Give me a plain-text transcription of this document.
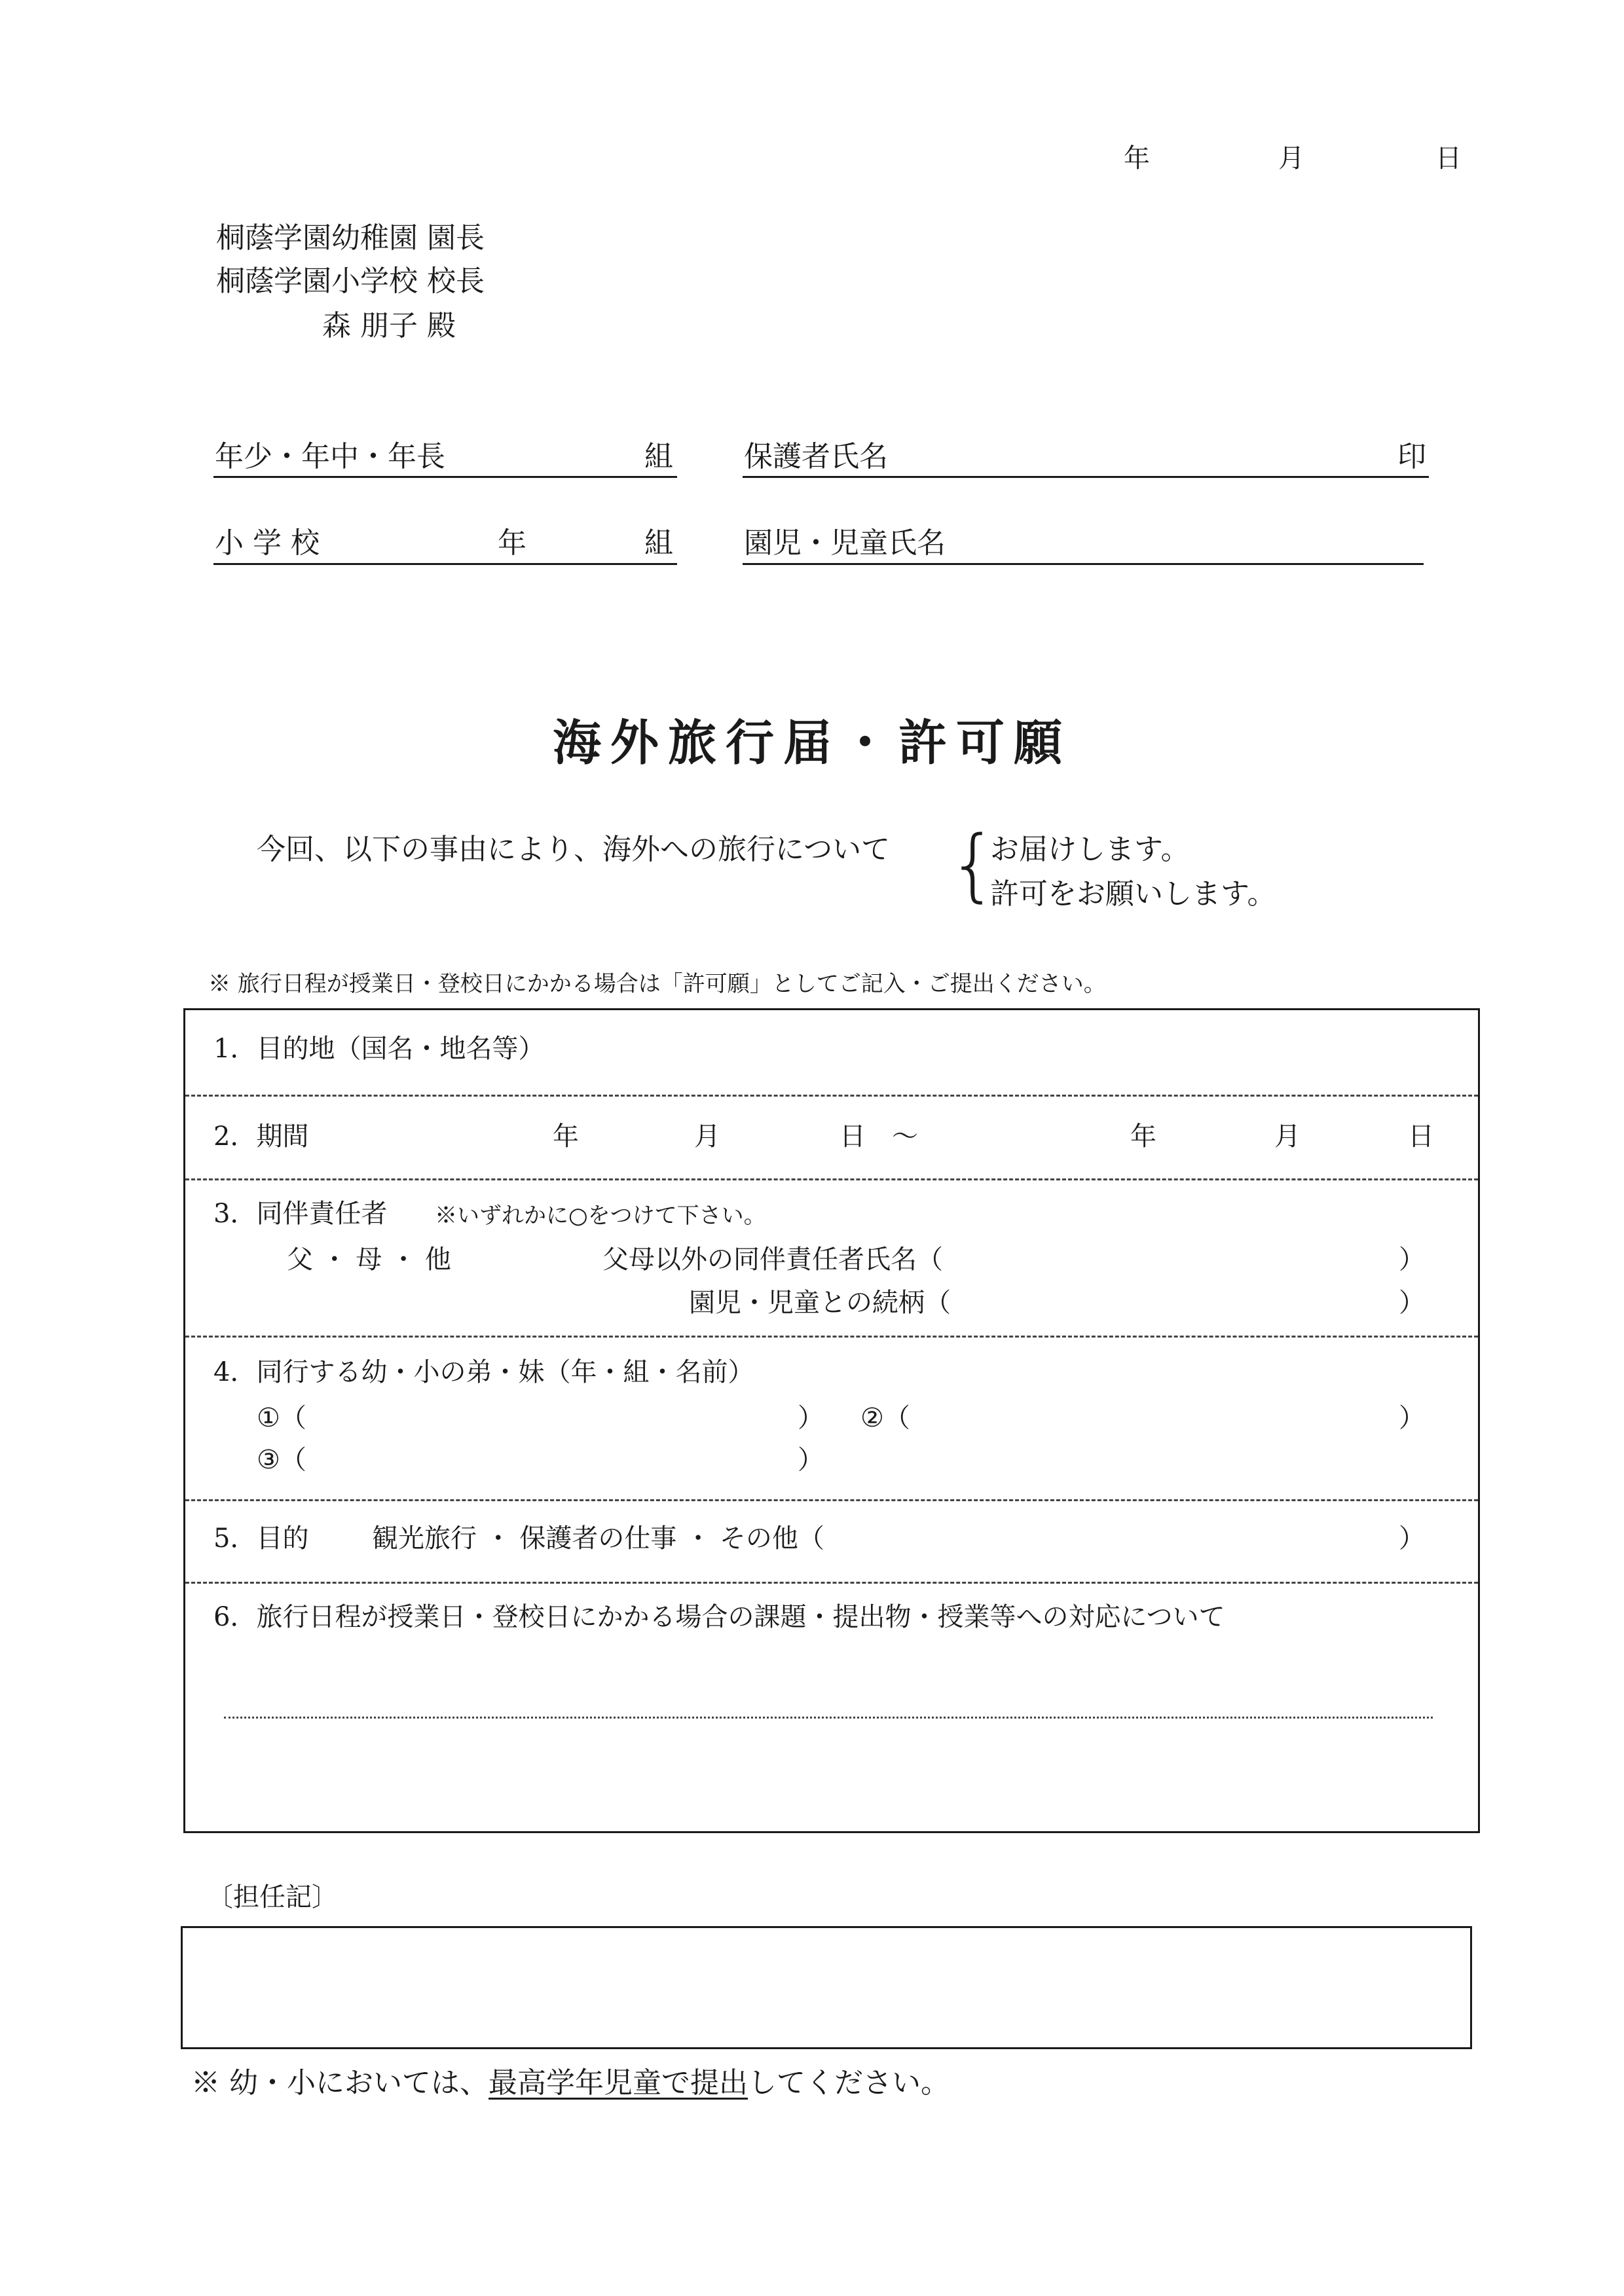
年	月	日
桐蔭学園幼稚園 園長
桐蔭学園小学校 校長
森 朋子 殿
年少・年中・年長	組 保護者氏名	印
小 学 校	年	組 園児・児童氏名
海外旅行届・許可願
今回、以下の事由により、海外への旅行について {
お届けします。
許可をお願いします。
※ 旅行日程が授業日・登校日にかかる場合は「許可願」としてご記入・ご提出ください。
1．目的地（国名・地名等）
2．期間	年	月	日 〜	年	月	日
3．同伴責任者 ※いずれかに○をつけて下さい。
父 ・ 母 ・ 他	父母以外の同伴責任者氏名（	）
園児・児童との続柄（	）
4．同行する幼・小の弟・妹（年・組・名前）
①（	） ②（	）
③（	）
5．目的 観光旅行 ・ 保護者の仕事 ・ その他（	）
6．旅行日程が授業日・登校日にかかる場合の課題・提出物・授業等への対応について
〔担任記〕
※ 幼・小においては、最高学年児童で提出してください。
